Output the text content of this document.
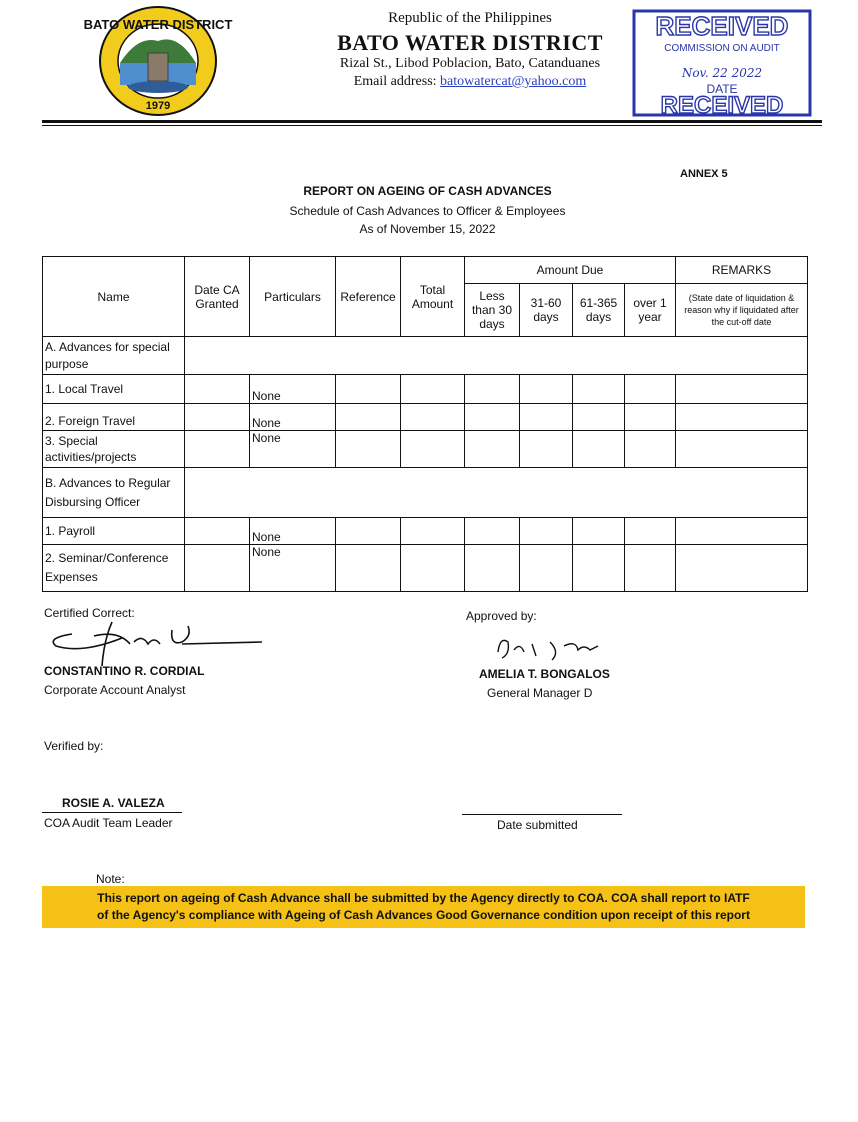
BATO WATER DISTRICT
1979
Republic of the Philippines
BATO WATER DISTRICT
Rizal St., Libod Poblacion, Bato, Catanduanes
Email address: batowatercat@yahoo.com
RECEIVED
COMMISSION ON AUDIT
Nov. 22 2022
DATE
RECEIVED
ANNEX 5
REPORT ON AGEING OF CASH ADVANCES
Schedule of Cash Advances to Officer & Employees
As of November 15, 2022
Name	Date CA Granted	Particulars	Reference	Total Amount	Amount Due				REMARKS
					Less than 30 days	31-60 days	61-365 days	over 1 year	(State date of liquidation & reason why if liquidated after the cut-off date
A. Advances for special purpose									
1. Local Travel		None							
2. Foreign Travel		None							
3. Special activities/projects		None							
B. Advances to Regular Disbursing Officer									
1. Payroll		None							
2. Seminar/Conference Expenses		None							
Certified Correct:
CONSTANTINO R. CORDIAL
Corporate Account Analyst
Approved by:
AMELIA T. BONGALOS
General Manager D
Verified by:
ROSIE A. VALEZA
COA Audit Team Leader	Date submitted
Note:
This report on ageing of Cash Advance shall be submitted by the Agency directly to COA. COA shall report to IATF
of the Agency's compliance with Ageing of Cash Advances Good Governance condition upon receipt of this report
